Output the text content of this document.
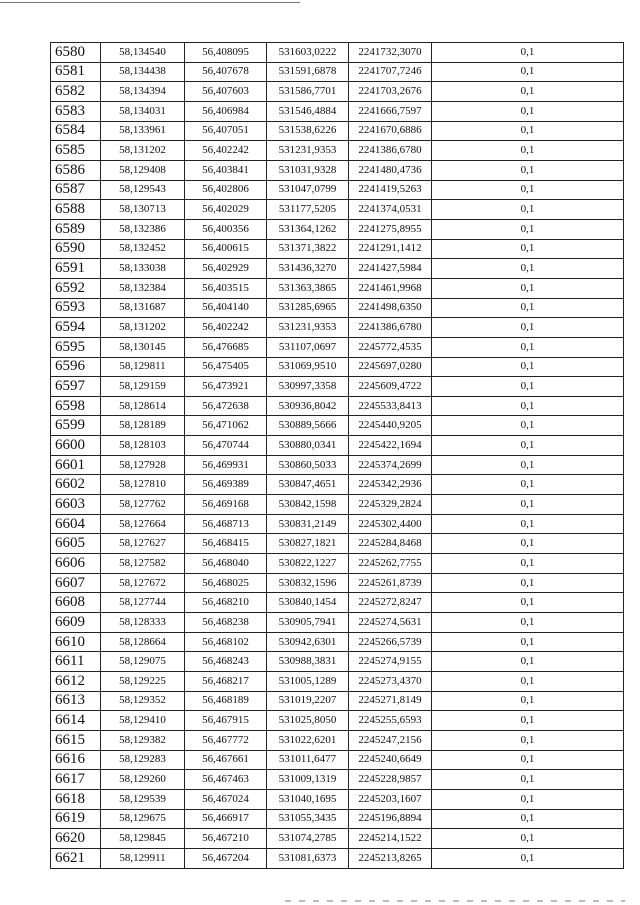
6580	58,134540	56,408095	531603,0222	2241732,3070	0,1
6581	58,134438	56,407678	531591,6878	2241707,7246	0,1
6582	58,134394	56,407603	531586,7701	2241703,2676	0,1
6583	58,134031	56,406984	531546,4884	2241666,7597	0,1
6584	58,133961	56,407051	531538,6226	2241670,6886	0,1
6585	58,131202	56,402242	531231,9353	2241386,6780	0,1
6586	58,129408	56,403841	531031,9328	2241480,4736	0,1
6587	58,129543	56,402806	531047,0799	2241419,5263	0,1
6588	58,130713	56,402029	531177,5205	2241374,0531	0,1
6589	58,132386	56,400356	531364,1262	2241275,8955	0,1
6590	58,132452	56,400615	531371,3822	2241291,1412	0,1
6591	58,133038	56,402929	531436,3270	2241427,5984	0,1
6592	58,132384	56,403515	531363,3865	2241461,9968	0,1
6593	58,131687	56,404140	531285,6965	2241498,6350	0,1
6594	58,131202	56,402242	531231,9353	2241386,6780	0,1
6595	58,130145	56,476685	531107,0697	2245772,4535	0,1
6596	58,129811	56,475405	531069,9510	2245697,0280	0,1
6597	58,129159	56,473921	530997,3358	2245609,4722	0,1
6598	58,128614	56,472638	530936,8042	2245533,8413	0,1
6599	58,128189	56,471062	530889,5666	2245440,9205	0,1
6600	58,128103	56,470744	530880,0341	2245422,1694	0,1
6601	58,127928	56,469931	530860,5033	2245374,2699	0,1
6602	58,127810	56,469389	530847,4651	2245342,2936	0,1
6603	58,127762	56,469168	530842,1598	2245329,2824	0,1
6604	58,127664	56,468713	530831,2149	2245302,4400	0,1
6605	58,127627	56,468415	530827,1821	2245284,8468	0,1
6606	58,127582	56,468040	530822,1227	2245262,7755	0,1
6607	58,127672	56,468025	530832,1596	2245261,8739	0,1
6608	58,127744	56,468210	530840,1454	2245272,8247	0,1
6609	58,128333	56,468238	530905,7941	2245274,5631	0,1
6610	58,128664	56,468102	530942,6301	2245266,5739	0,1
6611	58,129075	56,468243	530988,3831	2245274,9155	0,1
6612	58,129225	56,468217	531005,1289	2245273,4370	0,1
6613	58,129352	56,468189	531019,2207	2245271,8149	0,1
6614	58,129410	56,467915	531025,8050	2245255,6593	0,1
6615	58,129382	56,467772	531022,6201	2245247,2156	0,1
6616	58,129283	56,467661	531011,6477	2245240,6649	0,1
6617	58,129260	56,467463	531009,1319	2245228,9857	0,1
6618	58,129539	56,467024	531040,1695	2245203,1607	0,1
6619	58,129675	56,466917	531055,3435	2245196,8894	0,1
6620	58,129845	56,467210	531074,2785	2245214,1522	0,1
6621	58,129911	56,467204	531081,6373	2245213,8265	0,1
